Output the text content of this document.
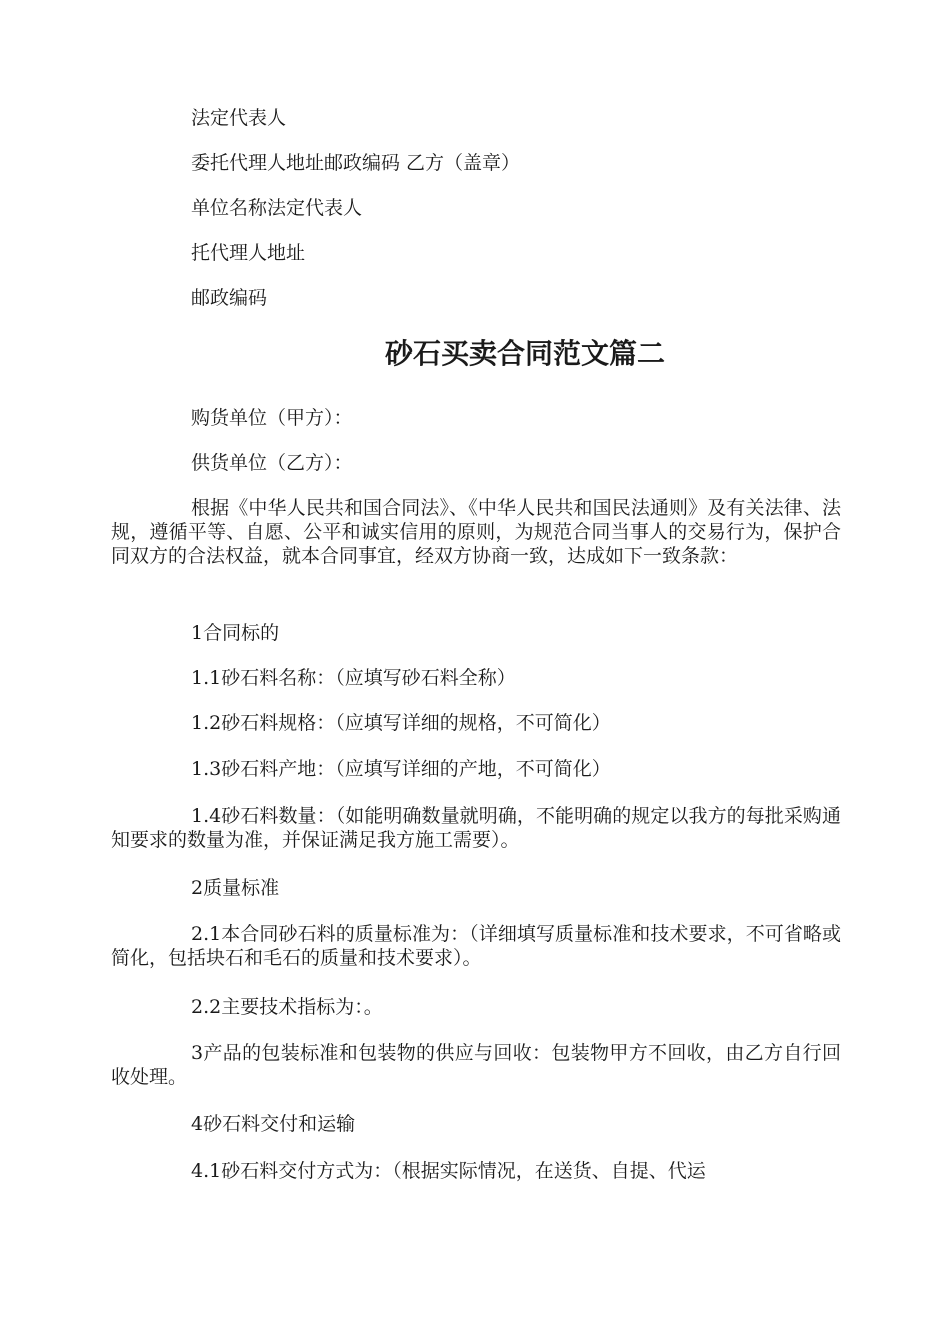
法定代表人

委托代理人地址邮政编码 乙方（盖章）

单位名称法定代表人

托代理人地址

邮政编码

砂石买卖合同范文篇二

购货单位（甲方）：

供货单位（乙方）：

根据《中华人民共和国合同法》、《中华人民共和国民法通则》及有关法律、法规，遵循平等、自愿、公平和诚实信用的原则，为规范合同当事人的交易行为，保护合同双方的合法权益，就本合同事宜，经双方协商一致，达成如下一致条款：

1合同标的

1.1砂石料名称：（应填写砂石料全称）

1.2砂石料规格：（应填写详细的规格，不可简化）

1.3砂石料产地：（应填写详细的产地，不可简化）

1.4砂石料数量：（如能明确数量就明确，不能明确的规定以我方的每批采购通知要求的数量为准，并保证满足我方施工需要）。

2质量标准

2.1本合同砂石料的质量标准为：（详细填写质量标准和技术要求，不可省略或简化，包括块石和毛石的质量和技术要求）。

2.2主要技术指标为：。

3产品的包装标准和包装物的供应与回收：包装物甲方不回收，由乙方自行回收处理。

4砂石料交付和运输

4.1砂石料交付方式为：（根据实际情况，在送货、自提、代运
